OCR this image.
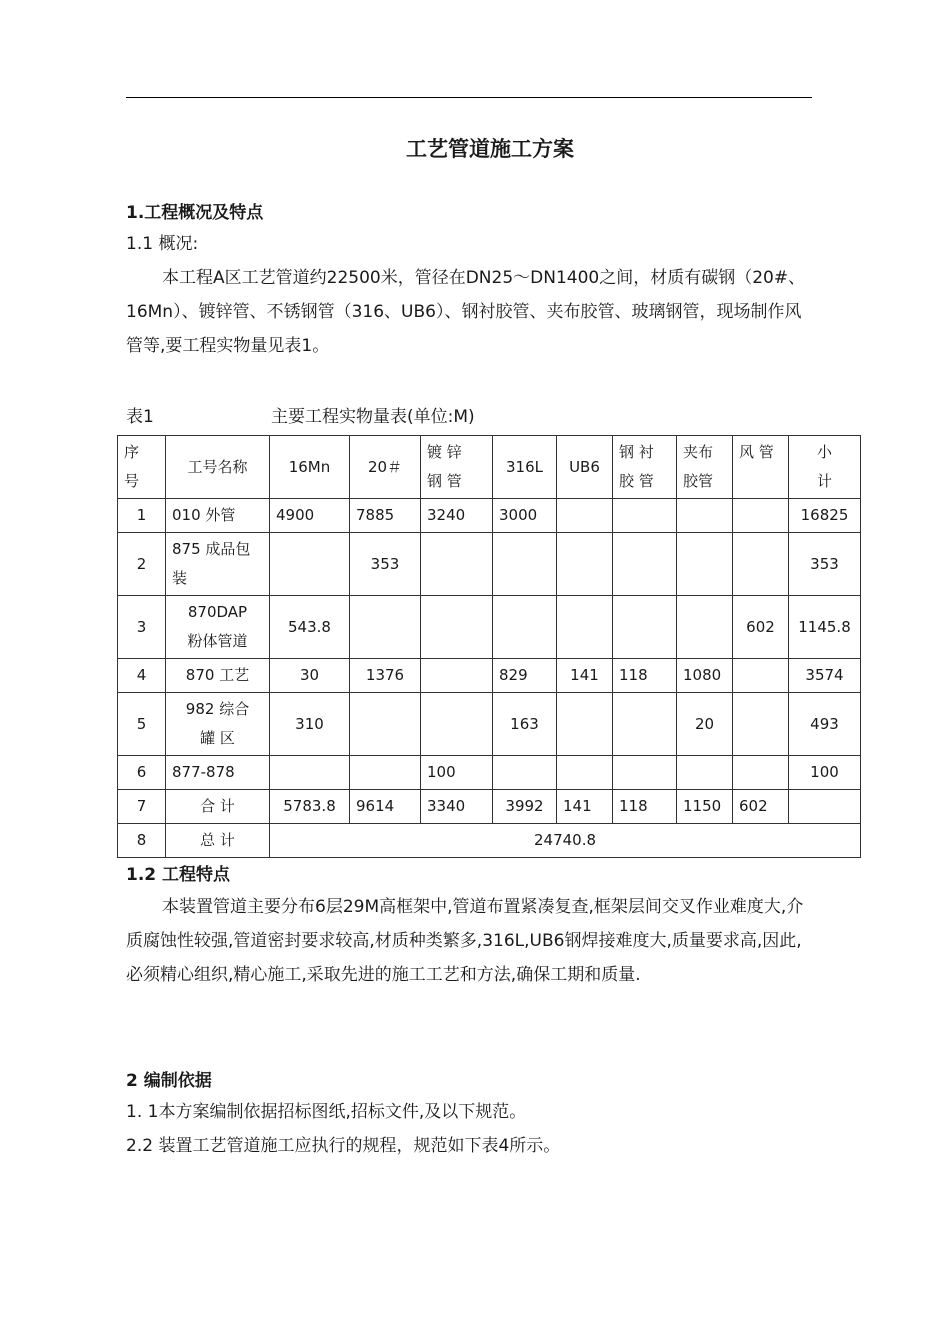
工艺管道施工方案
1.工程概况及特点
1.1 概况:
本工程A区工艺管道约22500米，管径在DN25～DN1400之间，材质有碳钢（20#、16Mn）、镀锌管、不锈钢管（316、UB6）、钢衬胶管、夹布胶管、玻璃钢管，现场制作风管等,要工程实物量见表1。
表1	主要工程实物量表(单位:M)
序
号	工号名称	16Mn	20＃	镀 锌
钢 管	316L	UB6	钢 衬
胶 管	夹布
胶管	风 管	小
计
1	010 外管	4900	7885	3240	3000					16825
2	875 成品包
装		353							353
3	870DAP
粉体管道	543.8							602	1145.8
4	870 工艺	30	1376		829	141	118	1080		3574
5	982 综合
罐 区	310			163			20		493
6	877-878			100						100
7	合 计	5783.8	9614	3340	3992	141	118	1150	602	
8	总 计	24740.8								
1.2 工程特点
本装置管道主要分布6层29M高框架中,管道布置紧凑复查,框架层间交叉作业难度大,介质腐蚀性较强,管道密封要求较高,材质种类繁多,316L,UB6钢焊接难度大,质量要求高,因此,必须精心组织,精心施工,采取先进的施工工艺和方法,确保工期和质量.
2 编制依据
1. 1本方案编制依据招标图纸,招标文件,及以下规范。
2.2 装置工艺管道施工应执行的规程，规范如下表4所示。
